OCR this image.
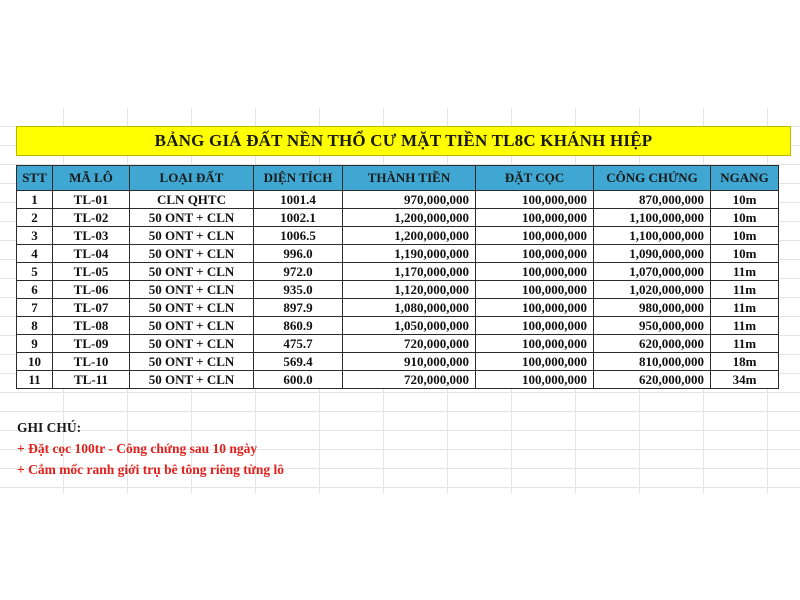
BẢNG GIÁ ĐẤT NỀN THỔ CƯ MẶT TIỀN TL8C KHÁNH HIỆP
STT	MÃ LÔ	LOẠI ĐẤT	DIỆN TÍCH	THÀNH TIỀN	ĐẶT CỌC	CÔNG CHỨNG	NGANG
1	TL-01	CLN QHTC	1001.4	970,000,000	100,000,000	870,000,000	10m
2	TL-02	50 ONT + CLN	1002.1	1,200,000,000	100,000,000	1,100,000,000	10m
3	TL-03	50 ONT + CLN	1006.5	1,200,000,000	100,000,000	1,100,000,000	10m
4	TL-04	50 ONT + CLN	996.0	1,190,000,000	100,000,000	1,090,000,000	10m
5	TL-05	50 ONT + CLN	972.0	1,170,000,000	100,000,000	1,070,000,000	11m
6	TL-06	50 ONT + CLN	935.0	1,120,000,000	100,000,000	1,020,000,000	11m
7	TL-07	50 ONT + CLN	897.9	1,080,000,000	100,000,000	980,000,000	11m
8	TL-08	50 ONT + CLN	860.9	1,050,000,000	100,000,000	950,000,000	11m
9	TL-09	50 ONT + CLN	475.7	720,000,000	100,000,000	620,000,000	11m
10	TL-10	50 ONT + CLN	569.4	910,000,000	100,000,000	810,000,000	18m
11	TL-11	50 ONT + CLN	600.0	720,000,000	100,000,000	620,000,000	34m
GHI CHÚ:
+ Đặt cọc 100tr - Công chứng sau 10 ngày
+ Cắm mốc ranh giới trụ bê tông riêng từng lô
